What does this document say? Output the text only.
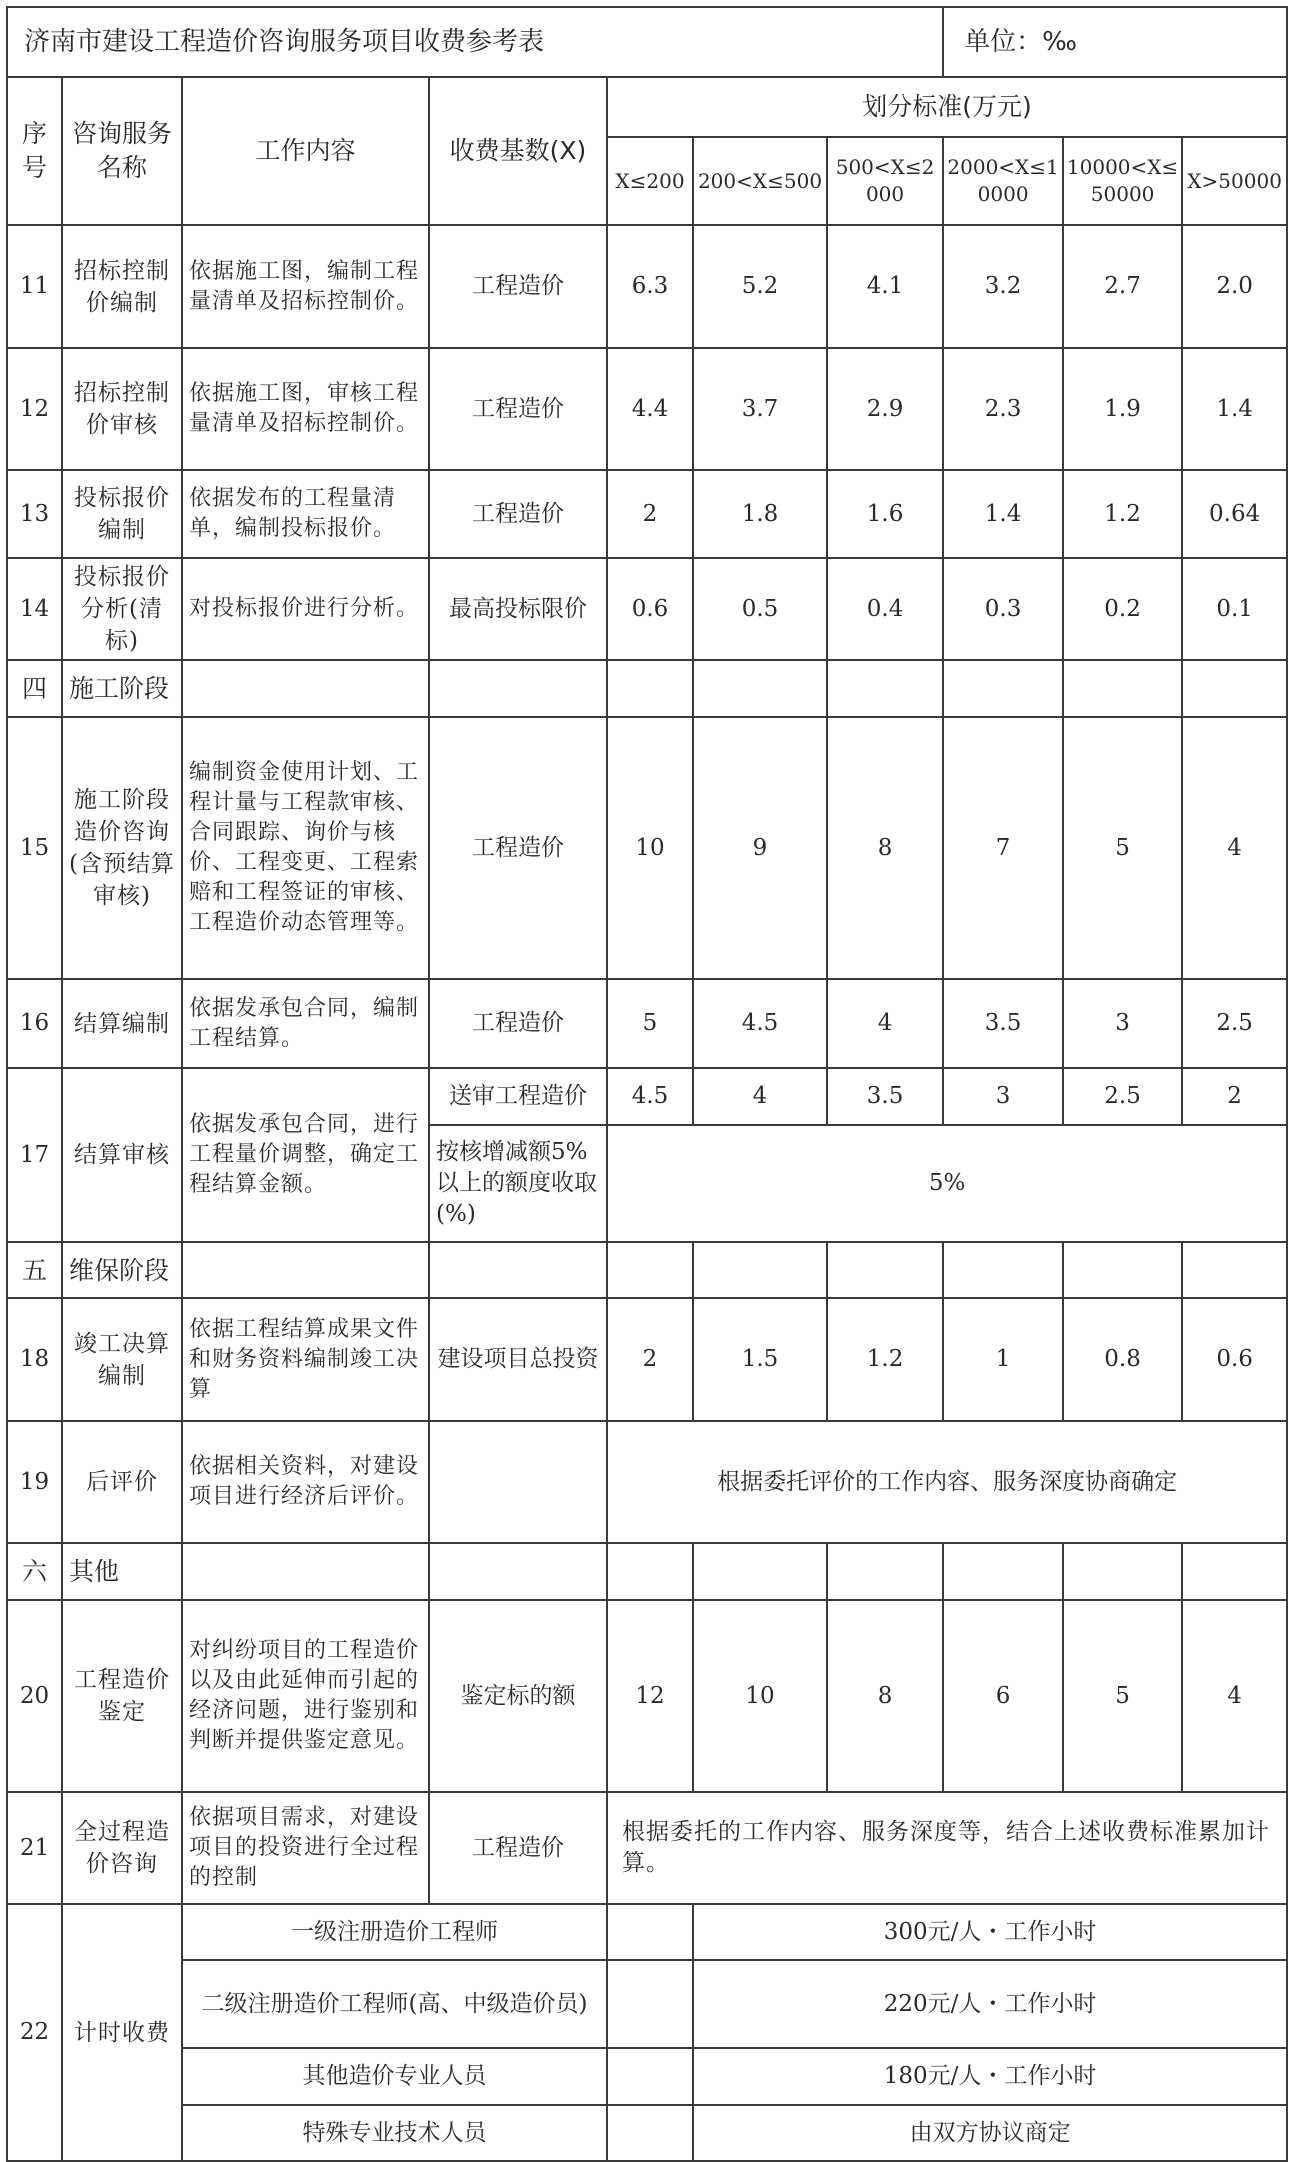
济南市建设工程造价咨询服务项目收费参考表							单位：‰		
序号	咨询服务名称	工作内容	收费基数(X)	划分标准(万元)					
				X≤200	200<X≤500	500<X≤2000	2000<X≤10000	10000<X≤50000	X>50000
11	招标控制价编制	依据施工图，编制工程量清单及招标控制价。	工程造价	6.3	5.2	4.1	3.2	2.7	2.0
12	招标控制价审核	依据施工图，审核工程量清单及招标控制价。	工程造价	4.4	3.7	2.9	2.3	1.9	1.4
13	投标报价编制	依据发布的工程量清单，编制投标报价。	工程造价	2	1.8	1.6	1.4	1.2	0.64
14	投标报价分析(清标)	对投标报价进行分析。	最高投标限价	0.6	0.5	0.4	0.3	0.2	0.1
四	施工阶段								
15	施工阶段造价咨询(含预结算审核)	编制资金使用计划、工程计量与工程款审核、 合同跟踪、询价与核价、工程变更、工程索赔和工程签证的审核、工程造价动态管理等。	工程造价	10	9	8	7	5	4
16	结算编制	依据发承包合同，编制工程结算。	工程造价	5	4.5	4	3.5	3	2.5
17	结算审核	依据发承包合同，进行工程量价调整，确定工程结算金额。	送审工程造价	4.5	4	3.5	3	2.5	2
			按核增减额5%以上的额度收取(%)	5%					
五	维保阶段								
18	竣工决算编制	依据工程结算成果文件和财务资料编制竣工决算	建设项目总投资	2	1.5	1.2	1	0.8	0.6
19	后评价	依据相关资料，对建设项目进行经济后评价。		根据委托评价的工作内容、服务深度协商确定					
六	其他								
20	工程造价鉴定	对纠纷项目的工程造价以及由此延伸而引起的经济问题，进行鉴别和判断并提供鉴定意见。	鉴定标的额	12	10	8	6	5	4
21	全过程造价咨询	依据项目需求，对建设项目的投资进行全过程的控制	工程造价	根据委托的工作内容、服务深度等，结合上述收费标准累加计算。					
22	计时收费	一级注册造价工程师			300元/人・工作小时				
		二级注册造价工程师(高、中级造价员)			220元/人・工作小时				
		其他造价专业人员			180元/人・工作小时				
		特殊专业技术人员			由双方协议商定				
